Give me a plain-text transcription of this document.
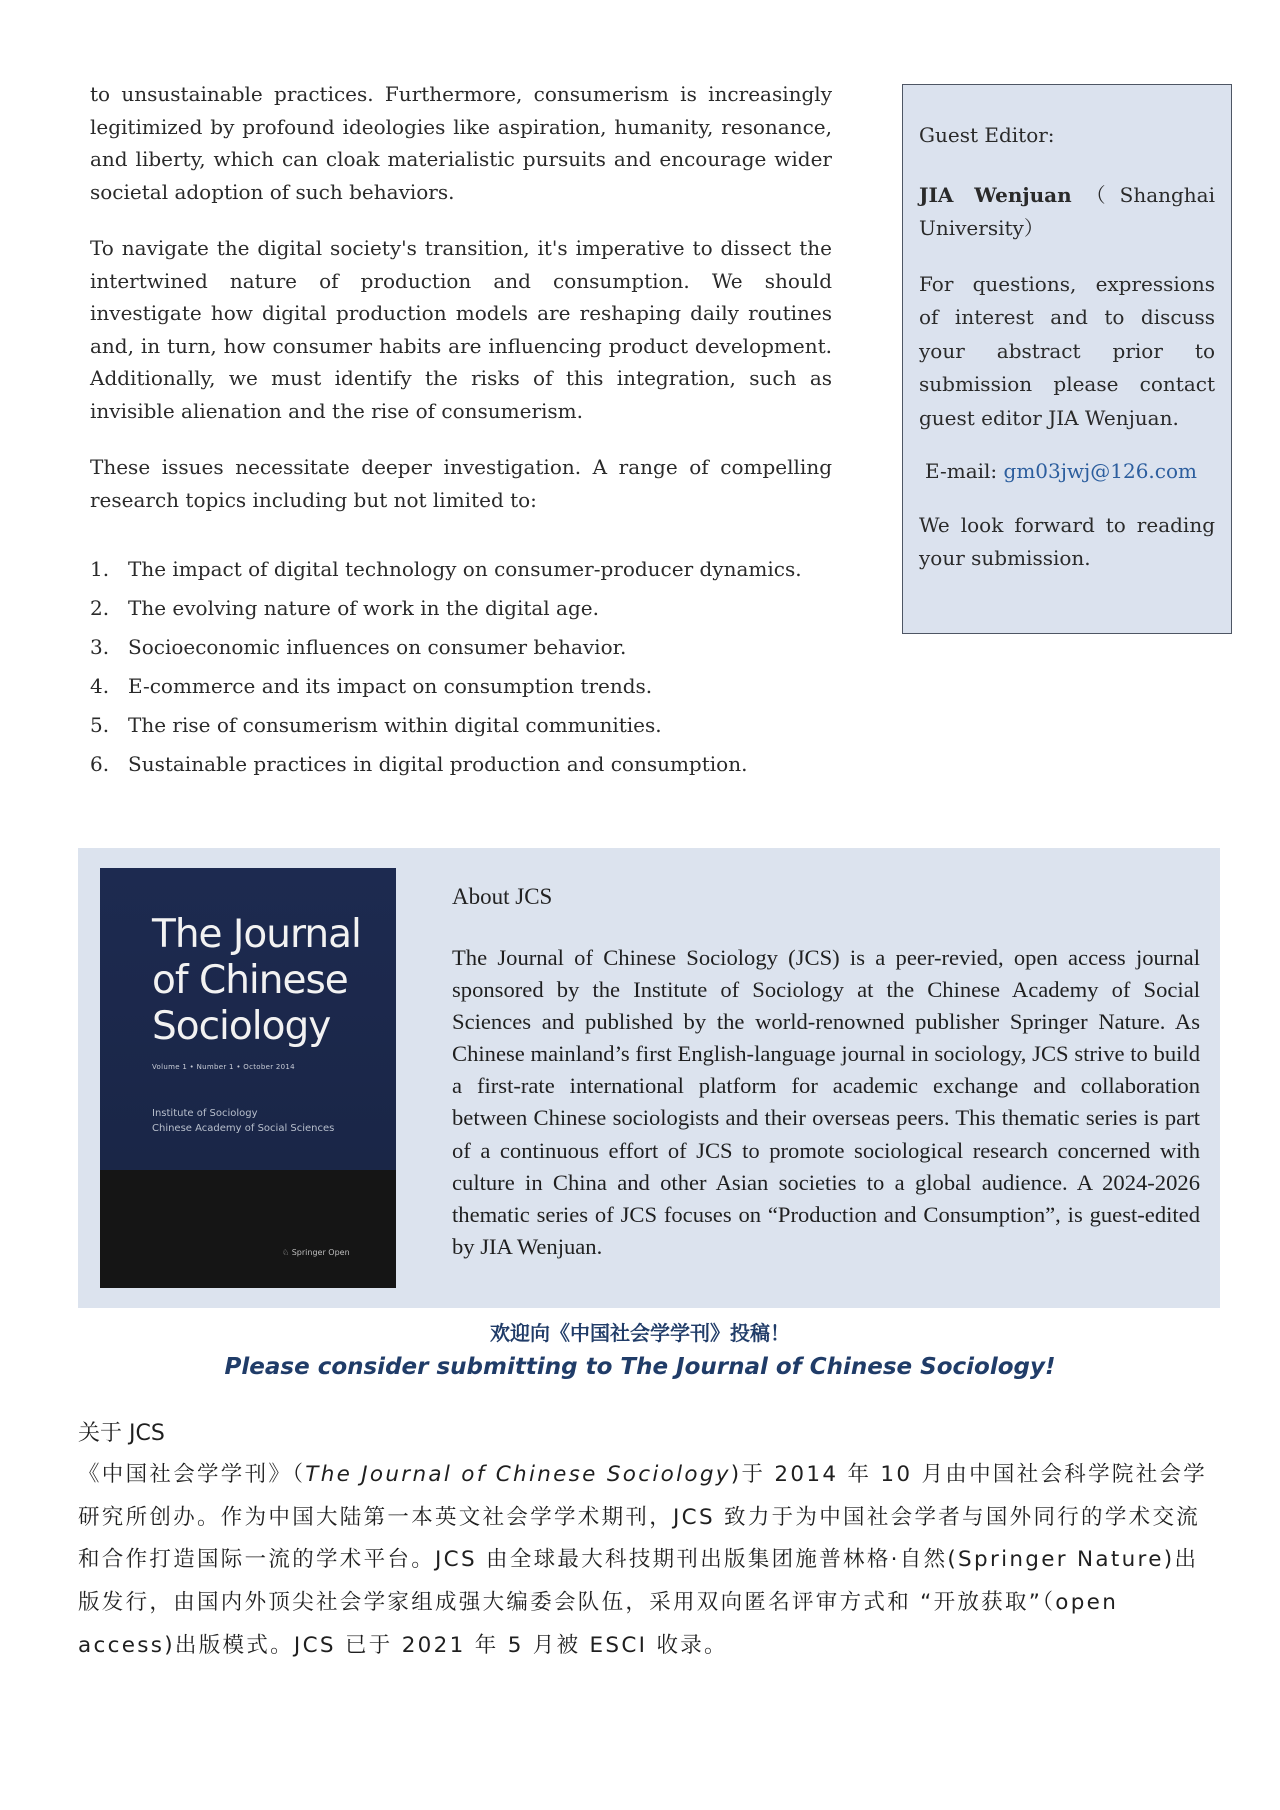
to unsustainable practices. Furthermore, consumerism is increasingly legitimized by profound ideologies like aspiration, humanity, resonance, and liberty, which can cloak materialistic pursuits and encourage wider societal adoption of such behaviors.

To navigate the digital society's transition, it's imperative to dissect the intertwined nature of production and consumption. We should investigate how digital production models are reshaping daily routines and, in turn, how consumer habits are influencing product development. Additionally, we must identify the risks of this integration, such as invisible alienation and the rise of consumerism.

These issues necessitate deeper investigation. A range of compelling research topics including but not limited to:

1. The impact of digital technology on consumer-producer dynamics.
2. The evolving nature of work in the digital age.
3. Socioeconomic influences on consumer behavior.
4. E-commerce and its impact on consumption trends.
5. The rise of consumerism within digital communities.
6. Sustainable practices in digital production and consumption.

Guest Editor:

JIA Wenjuan（Shanghai University）

For questions, expressions of interest and to discuss your abstract prior to submission please contact guest editor JIA Wenjuan.

E-mail: gm03jwj@126.com

We look forward to reading your submission.

The Journal
of Chinese
Sociology

Volume 1 • Number 1 • October 2014

Institute of Sociology
Chinese Academy of Social Sciences

♘ Springer Open

About JCS

The Journal of Chinese Sociology (JCS) is a peer-revied, open access journal sponsored by the Institute of Sociology at the Chinese Academy of Social Sciences and published by the world-renowned publisher Springer Nature. As Chinese mainland’s first English-language journal in sociology, JCS strive to build a first-rate international platform for academic exchange and collaboration between Chinese sociologists and their overseas peers. This thematic series is part of a continuous effort of JCS to promote sociological research concerned with culture in China and other Asian societies to a global audience. A 2024-2026 thematic series of JCS focuses on “Production and Consumption”, is guest-edited by JIA Wenjuan.

欢迎向《中国社会学学刊》投稿！

Please consider submitting to The Journal of Chinese Sociology!

关于 JCS

《中国社会学学刊》（The Journal of Chinese Sociology)于 2014 年 10 月由中国社会科学院社会学研究所创办。作为中国大陆第一本英文社会学学术期刊，JCS 致力于为中国社会学者与国外同行的学术交流和合作打造国际一流的学术平台。JCS 由全球最大科技期刊出版集团施普林格·自然(Springer Nature)出版发行，由国内外顶尖社会学家组成强大编委会队伍，采用双向匿名评审方式和 “开放获取”（open access)出版模式。JCS 已于 2021 年 5 月被 ESCI 收录。
